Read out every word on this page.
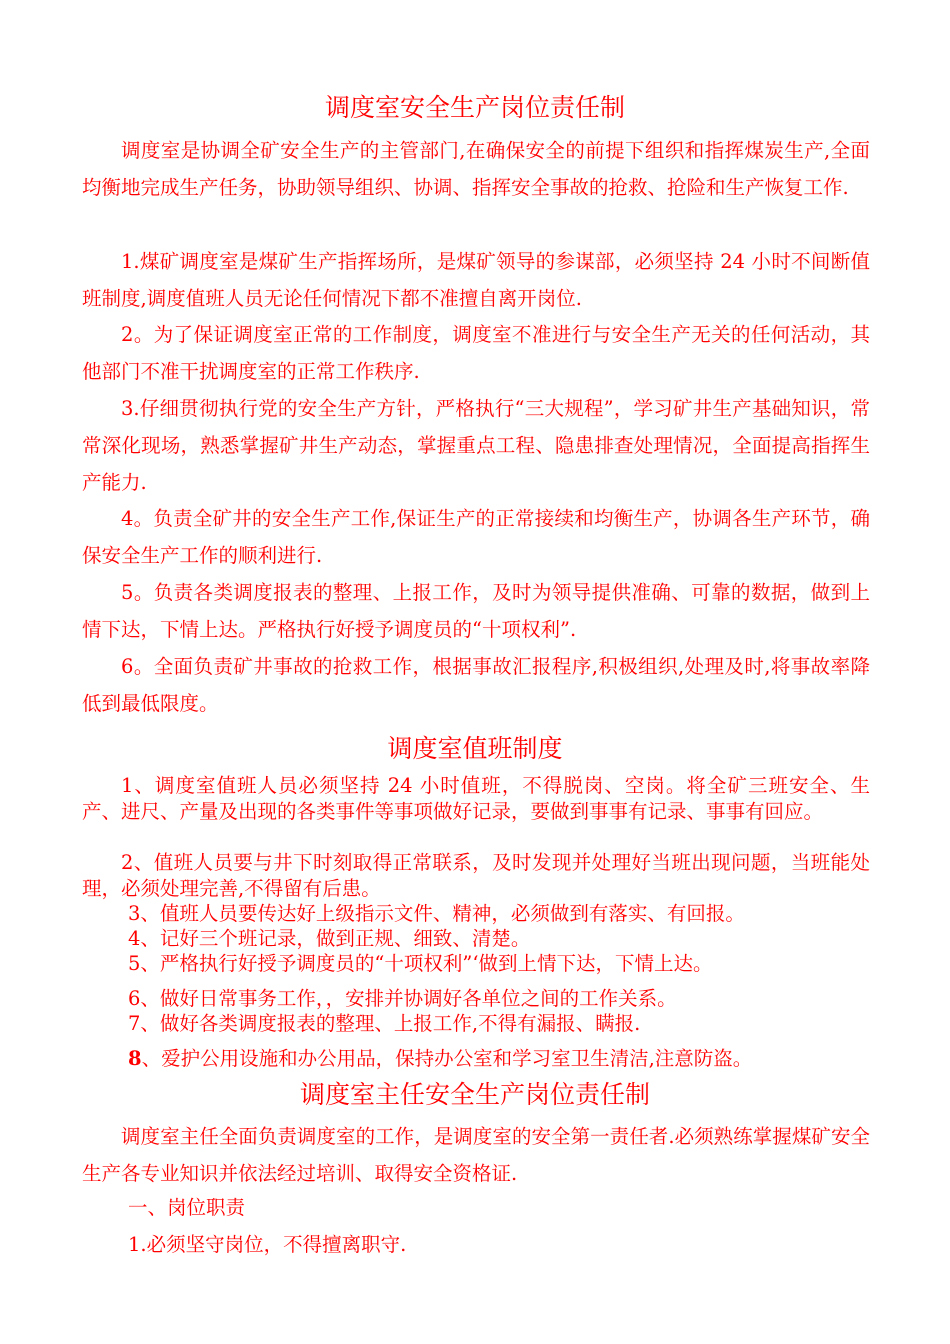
调度室安全生产岗位责任制

调度室是协调全矿安全生产的主管部门,在确保安全的前提下组织和指挥煤炭生产,全面均衡地完成生产任务，协助领导组织、协调、指挥安全事故的抢救、抢险和生产恢复工作.

1.煤矿调度室是煤矿生产指挥场所，是煤矿领导的参谋部，必须坚持 24 小时不间断值班制度,调度值班人员无论任何情况下都不准擅自离开岗位.

2。为了保证调度室正常的工作制度，调度室不准进行与安全生产无关的任何活动，其他部门不准干扰调度室的正常工作秩序.

3.仔细贯彻执行党的安全生产方针，严格执行“三大规程”，学习矿井生产基础知识，常常深化现场，熟悉掌握矿井生产动态，掌握重点工程、隐患排查处理情况，全面提高指挥生产能力.

4。负责全矿井的安全生产工作,保证生产的正常接续和均衡生产，协调各生产环节，确保安全生产工作的顺利进行.

5。负责各类调度报表的整理、上报工作，及时为领导提供准确、可靠的数据，做到上情下达，下情上达。严格执行好授予调度员的“十项权利”.

6。全面负责矿井事故的抢救工作，根据事故汇报程序,积极组织,处理及时,将事故率降低到最低限度。

调度室值班制度

1、调度室值班人员必须坚持 24 小时值班，不得脱岗、空岗。将全矿三班安全、生产、进尺、产量及出现的各类事件等事项做好记录，要做到事事有记录、事事有回应。

2、值班人员要与井下时刻取得正常联系，及时发现并处理好当班出现问题，当班能处理，必须处理完善,不得留有后患。

3、值班人员要传达好上级指示文件、精神，必须做到有落实、有回报。
4、记好三个班记录，做到正规、细致、清楚。
5、严格执行好授予调度员的“十项权利”‘做到上情下达，下情上达。
6、做好日常事务工作，，安排并协调好各单位之间的工作关系。
7、做好各类调度报表的整理、上报工作,不得有漏报、瞒报.
8、爱护公用设施和办公用品，保持办公室和学习室卫生清洁,注意防盗。
调度室主任安全生产岗位责任制

调度室主任全面负责调度室的工作，是调度室的安全第一责任者.必须熟练掌握煤矿安全生产各专业知识并依法经过培训、取得安全资格证.

一、岗位职责
1.必须坚守岗位，不得擅离职守.
